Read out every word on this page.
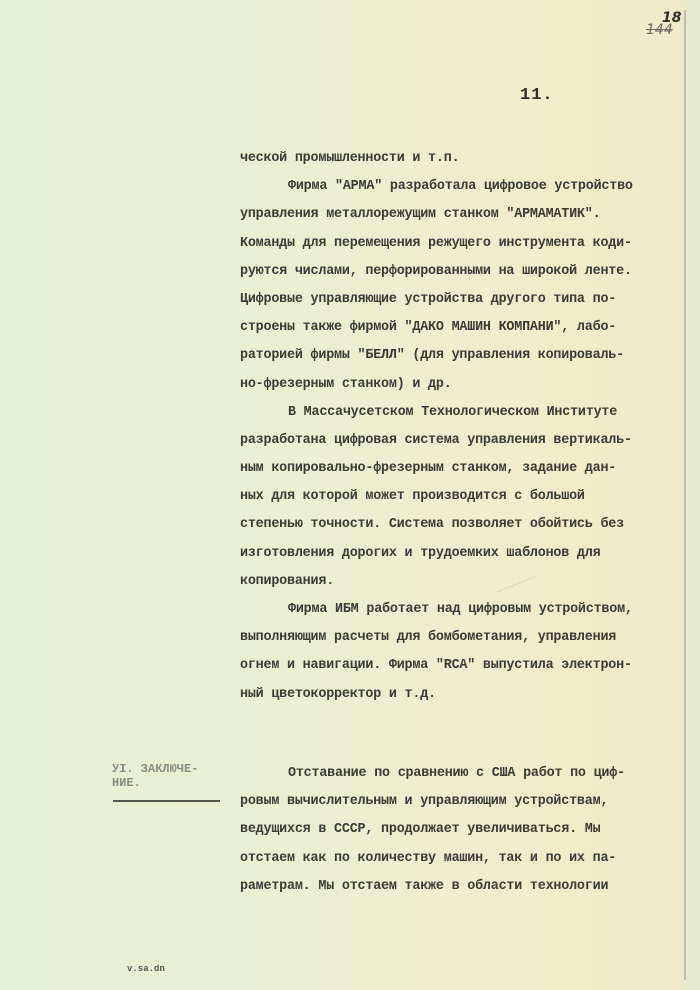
144
18
11.
ческой промышленности и т.п.
Фирма "АРМА" разработала цифровое устройство
управления металлорежущим станком "АРМАМАТИК".
Команды для перемещения режущего инструмента коди-
руются числами, перфорированными на широкой ленте.
Цифровые управляющие устройства другого типа по-
строены также фирмой "ДАКО МАШИН КОМПАНИ", лабо-
раторией фирмы "БЕЛЛ" (для управления копироваль-
но-фрезерным станком) и др.
В Массачусетском Технологическом Институте
разработана цифровая система управления вертикаль-
ным копировально-фрезерным станком, задание дан-
ных для которой может производится с большой
степенью точности. Система позволяет обойтись без
изготовления дорогих и трудоемких шаблонов для
копирования.
Фирма ИБМ работает над цифровым устройством,
выполняющим расчеты для бомбометания, управления
огнем и навигации. Фирма "RCA" выпустила электрон-
ный цветокорректор и т.д.
УI. ЗАКЛЮЧЕ-
НИЕ.
Отставание по сравнению с США работ по циф-
ровым вычислительным и управляющим устройствам,
ведущихся в СССР, продолжает увеличиваться. Мы
отстаем как по количеству машин, так и по их па-
раметрам. Мы отстаем также в области технологии
v.sa.dn
